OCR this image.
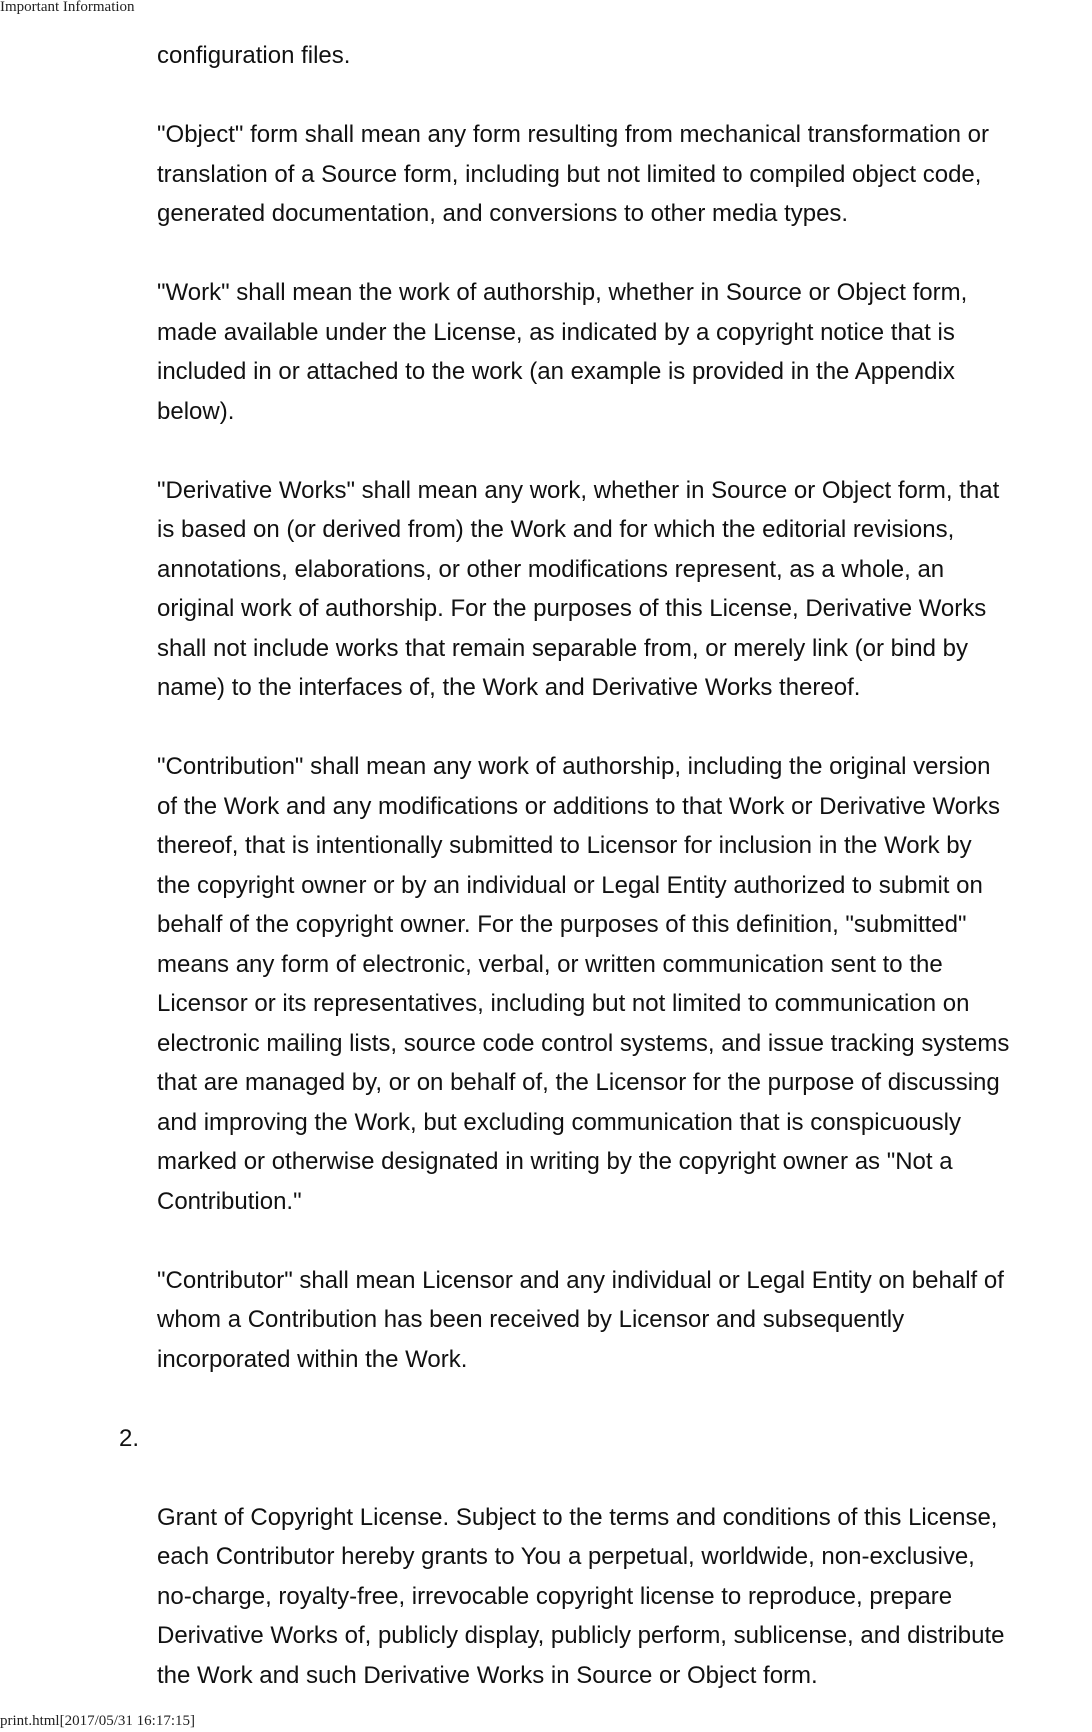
Important Information

configuration files.

"Object" form shall mean any form resulting from mechanical transformation or
translation of a Source form, including but not limited to compiled object code,
generated documentation, and conversions to other media types.

"Work" shall mean the work of authorship, whether in Source or Object form,
made available under the License, as indicated by a copyright notice that is
included in or attached to the work (an example is provided in the Appendix
below).

"Derivative Works" shall mean any work, whether in Source or Object form, that
is based on (or derived from) the Work and for which the editorial revisions,
annotations, elaborations, or other modifications represent, as a whole, an
original work of authorship. For the purposes of this License, Derivative Works
shall not include works that remain separable from, or merely link (or bind by
name) to the interfaces of, the Work and Derivative Works thereof.

"Contribution" shall mean any work of authorship, including the original version
of the Work and any modifications or additions to that Work or Derivative Works
thereof, that is intentionally submitted to Licensor for inclusion in the Work by
the copyright owner or by an individual or Legal Entity authorized to submit on
behalf of the copyright owner. For the purposes of this definition, "submitted"
means any form of electronic, verbal, or written communication sent to the
Licensor or its representatives, including but not limited to communication on
electronic mailing lists, source code control systems, and issue tracking systems
that are managed by, or on behalf of, the Licensor for the purpose of discussing
and improving the Work, but excluding communication that is conspicuously
marked or otherwise designated in writing by the copyright owner as "Not a
Contribution."

"Contributor" shall mean Licensor and any individual or Legal Entity on behalf of
whom a Contribution has been received by Licensor and subsequently
incorporated within the Work.

2.

Grant of Copyright License. Subject to the terms and conditions of this License,
each Contributor hereby grants to You a perpetual, worldwide, non-exclusive,
no-charge, royalty-free, irrevocable copyright license to reproduce, prepare
Derivative Works of, publicly display, publicly perform, sublicense, and distribute
the Work and such Derivative Works in Source or Object form.

print.html[2017/05/31 16:17:15]
